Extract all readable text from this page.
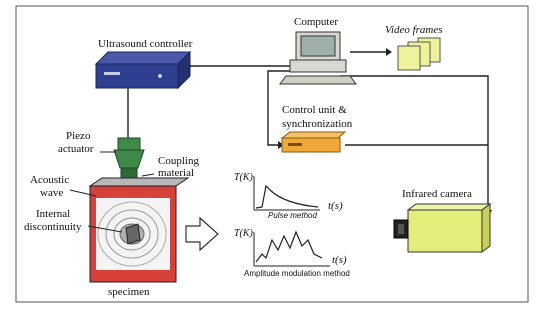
Ultrasound controller
Computer
Video frames
Control unit &
synchronization
Piezo
actuator
Coupling
material
Acoustic
wave
Internal
discontinuity
specimen
T(K)
t(s)
Pulse method
T(K)
t(s)
Amplitude modulation method
Infrared camera
